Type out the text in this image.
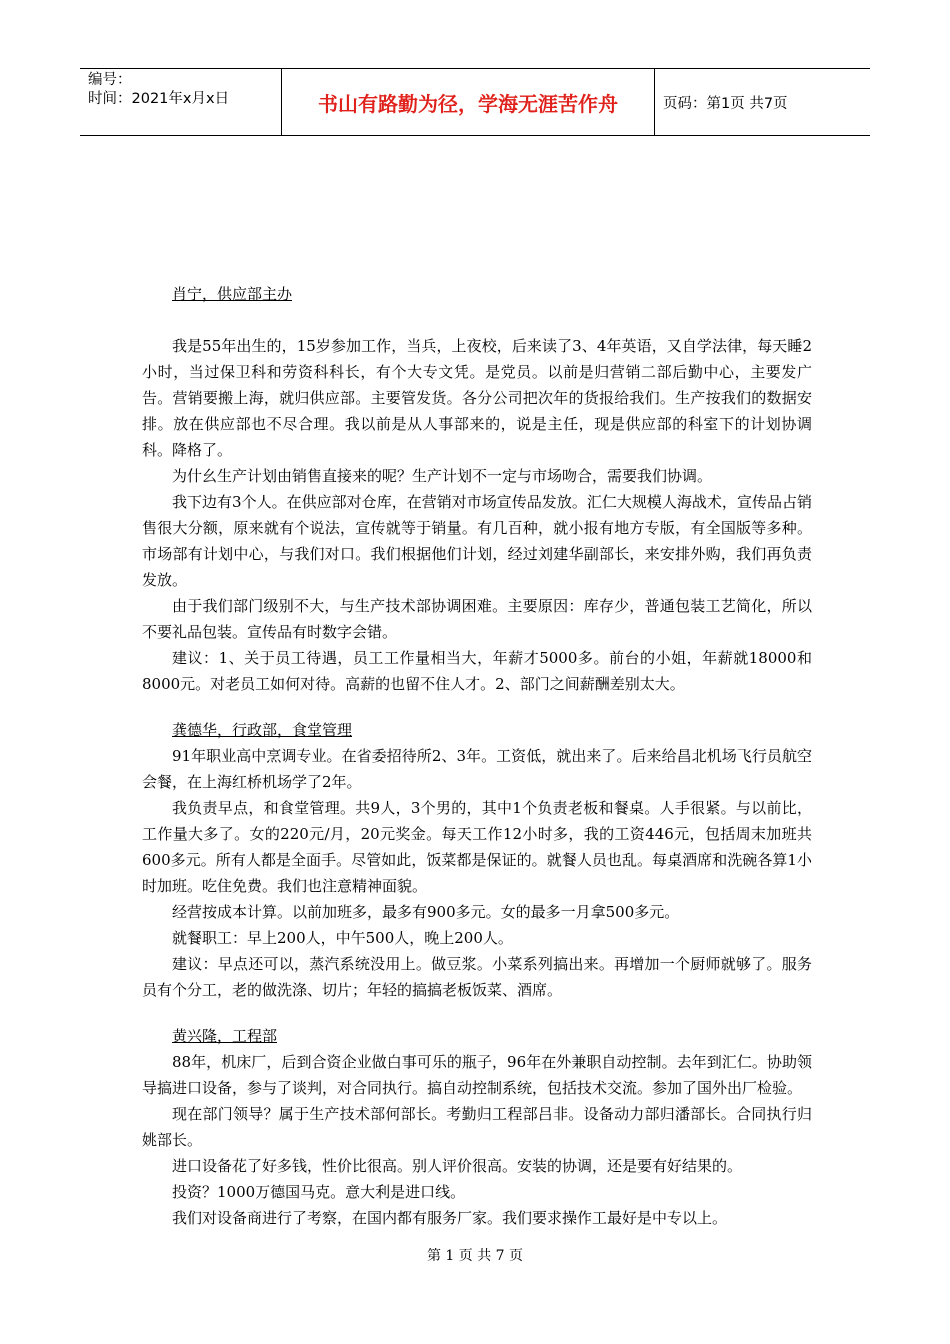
编号：
时间：2021年x月x日	书山有路勤为径，学海无涯苦作舟	页码：第1页 共7页

肖宁，供应部主办

我是55年出生的，15岁参加工作，当兵，上夜校，后来读了3、4年英语，又自学法律，每天睡2小时，当过保卫科和劳资科科长，有个大专文凭。是党员。以前是归营销二部后勤中心，主要发广告。营销要搬上海，就归供应部。主要管发货。各分公司把次年的货报给我们。生产按我们的数据安排。放在供应部也不尽合理。我以前是从人事部来的，说是主任，现是供应部的科室下的计划协调科。降格了。

为什幺生产计划由销售直接来的呢？生产计划不一定与市场吻合，需要我们协调。

我下边有3个人。在供应部对仓库，在营销对市场宣传品发放。汇仁大规模人海战术，宣传品占销售很大分额，原来就有个说法，宣传就等于销量。有几百种，就小报有地方专版，有全国版等多种。市场部有计划中心，与我们对口。我们根据他们计划，经过刘建华副部长，来安排外购，我们再负责发放。

由于我们部门级别不大，与生产技术部协调困难。主要原因：库存少，普通包装工艺简化，所以不要礼品包装。宣传品有时数字会错。

建议：1、关于员工待遇，员工工作量相当大，年薪才5000多。前台的小姐，年薪就18000和8000元。对老员工如何对待。高薪的也留不住人才。2、部门之间薪酬差别太大。

龚德华，行政部，食堂管理

91年职业高中烹调专业。在省委招待所2、3年。工资低，就出来了。后来给昌北机场飞行员航空会餐，在上海红桥机场学了2年。

我负责早点，和食堂管理。共9人，3个男的，其中1个负责老板和餐桌。人手很紧。与以前比，工作量大多了。女的220元/月，20元奖金。每天工作12小时多，我的工资446元，包括周末加班共600多元。所有人都是全面手。尽管如此，饭菜都是保证的。就餐人员也乱。每桌酒席和洗碗各算1小时加班。吃住免费。我们也注意精神面貌。

经营按成本计算。以前加班多，最多有900多元。女的最多一月拿500多元。

就餐职工：早上200人，中午500人，晚上200人。

建议：早点还可以，蒸汽系统没用上。做豆浆。小菜系列搞出来。再增加一个厨师就够了。服务员有个分工，老的做洗涤、切片；年轻的搞搞老板饭菜、酒席。

黄兴隆，工程部

88年，机床厂，后到合资企业做白事可乐的瓶子，96年在外兼职自动控制。去年到汇仁。协助领导搞进口设备，参与了谈判，对合同执行。搞自动控制系统，包括技术交流。参加了国外出厂检验。

现在部门领导？属于生产技术部何部长。考勤归工程部吕非。设备动力部归潘部长。合同执行归姚部长。

进口设备花了好多钱，性价比很高。别人评价很高。安装的协调，还是要有好结果的。

投资？1000万德国马克。意大利是进口线。

我们对设备商进行了考察，在国内都有服务厂家。我们要求操作工最好是中专以上。

第 1 页 共 7 页
